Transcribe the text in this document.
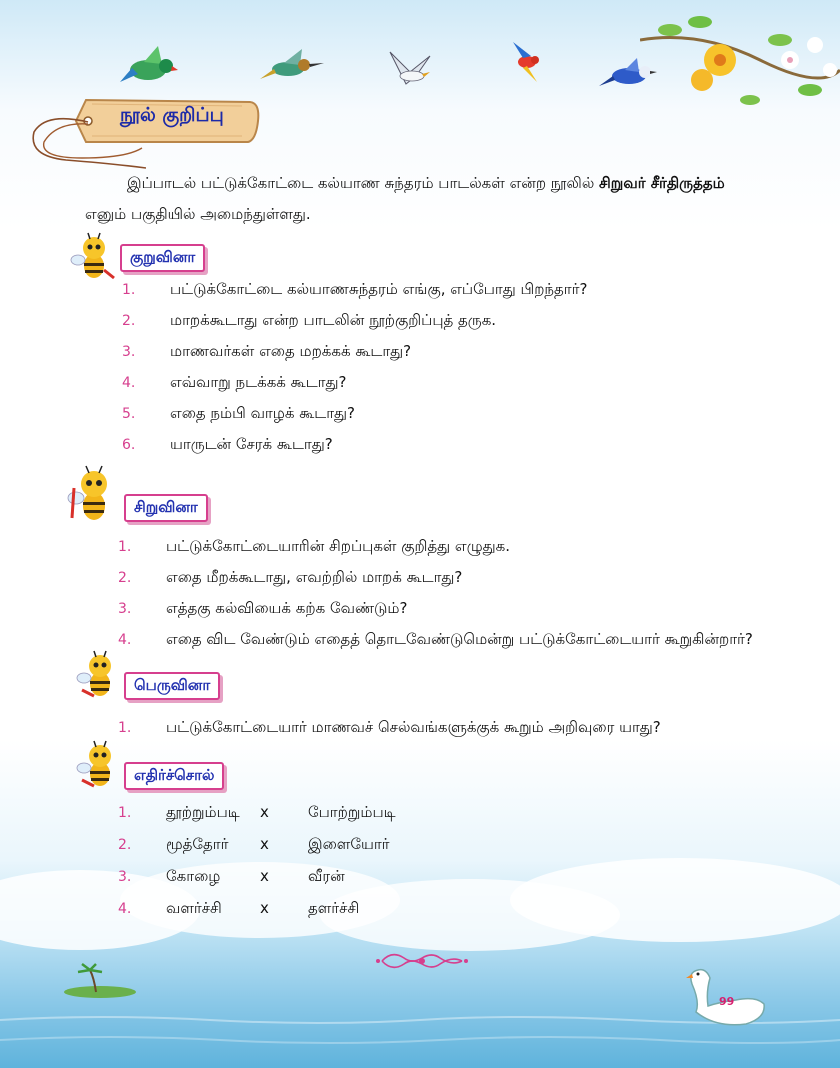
நூல் குறிப்பு
இப்பாடல் பட்டுக்கோட்டை கல்யாண சுந்தரம் பாடல்கள் என்ற நூலில் சிறுவர் சீர்திருத்தம்
எனும் பகுதியில் அமைந்துள்ளது.
குறுவினா
1. பட்டுக்கோட்டை கல்யாணசுந்தரம் எங்கு, எப்போது பிறந்தார்?
2. மாறக்கூடாது என்ற பாடலின் நூற்குறிப்புத் தருக.
3. மாணவர்கள் எதை மறக்கக் கூடாது?
4. எவ்வாறு நடக்கக் கூடாது?
5. எதை நம்பி வாழக் கூடாது?
6. யாருடன் சேரக் கூடாது?
சிறுவினா
1. பட்டுக்கோட்டையாரின் சிறப்புகள் குறித்து எழுதுக.
2. எதை மீறக்கூடாது, எவற்றில் மாறக் கூடாது?
3. எத்தகு கல்வியைக் கற்க வேண்டும்?
4. எதை விட வேண்டும் எதைத் தொடவேண்டுமென்று பட்டுக்கோட்டையார் கூறுகின்றார்?
பெருவினா
1. பட்டுக்கோட்டையார் மாணவச் செல்வங்களுக்குக் கூறும் அறிவுரை யாது?
எதிர்ச்சொல்
1. தூற்றும்படி x	போற்றும்படி
2. மூத்தோர் x	இளையோர்
3. கோழை	x	வீரன்
4. வளர்ச்சி	x	தளர்ச்சி
99
